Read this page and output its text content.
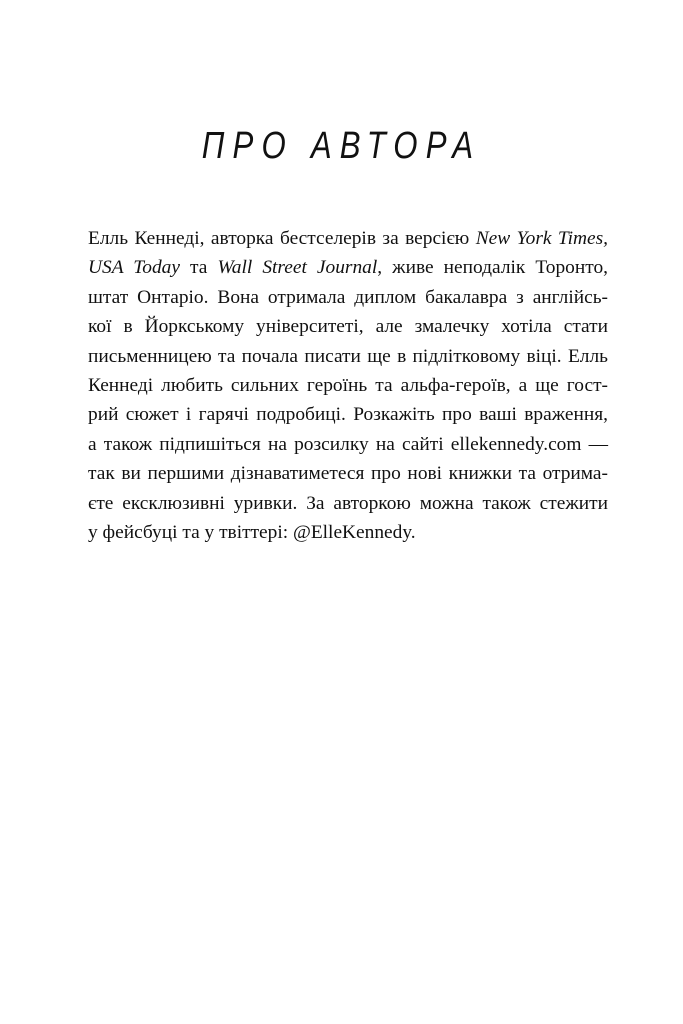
ПРО АВТОРА
Елль Кеннеді, авторка бестселерів за версією New York Times,
USA Today та Wall Street Journal, живе неподалік Торонто,
штат Онтаріо. Вона отримала диплом бакалавра з англійсь-
кої в Йоркському університеті, але змалечку хотіла стати
письменницею та почала писати ще в підлітковому віці. Елль
Кеннеді любить сильних героїнь та альфа-героїв, а ще гост-
рий сюжет і гарячі подробиці. Розкажіть про ваші враження,
а також підпишіться на розсилку на сайті ellekennedy.com —
так ви першими дізнаватиметеся про нові книжки та отрима-
єте ексклюзивні уривки. За авторкою можна також стежити
у фейсбуці та у твіттері: @ElleKennedy.
